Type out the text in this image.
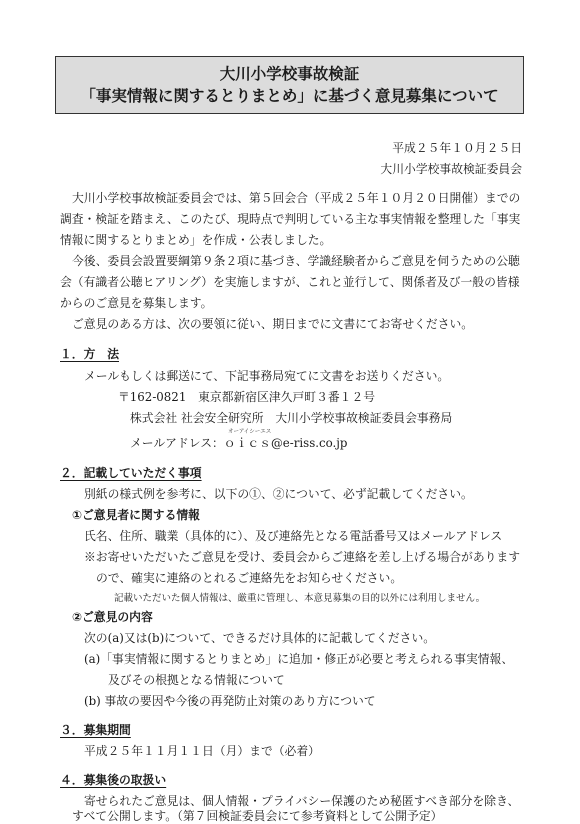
大川小学校事故検証
「事実情報に関するとりまとめ」に基づく意見募集について
平成２５年１０月２５日
大川小学校事故検証委員会
大川小学校事故検証委員会では、第５回会合（平成２５年１０月２０日開催）までの
調査・検証を踏まえ、このたび、現時点で判明している主な事実情報を整理した「事実
情報に関するとりまとめ」を作成・公表しました。
今後、委員会設置要綱第９条２項に基づき、学識経験者からご意見を伺うための公聴
会（有識者公聴ヒアリング）を実施しますが、これと並行して、関係者及び一般の皆様
からのご意見を募集します。
ご意見のある方は、次の要領に従い、期日までに文書にてお寄せください。
１．方　法
メールもしくは郵送にて、下記事務局宛てに文書をお送りください。
〒162-0821　東京都新宿区津久戸町３番１２号
株式会社 社会安全研究所　大川小学校事故検証委員会事務局
オーアイシーエス
メールアドレス：ｏｉｃｓ@e-riss.co.jp
２．記載していただく事項
別紙の様式例を参考に、以下の①、②について、必ず記載してください。
①ご意見者に関する情報
氏名、住所、職業（具体的に）、及び連絡先となる電話番号又はメールアドレス
※お寄せいただいたご意見を受け、委員会からご連絡を差し上げる場合があります
ので、確実に連絡のとれるご連絡先をお知らせください。
記載いただいた個人情報は、厳重に管理し、本意見募集の目的以外には利用しません。
②ご意見の内容
次の(a)又は(b)について、できるだけ具体的に記載してください。
(a)「事実情報に関するとりまとめ」に追加・修正が必要と考えられる事実情報、
及びその根拠となる情報について
(b) 事故の要因や今後の再発防止対策のあり方について
３．募集期間
平成２５年１１月１１日（月）まで（必着）
４．募集後の取扱い
寄せられたご意見は、個人情報・プライバシー保護のため秘匿すべき部分を除き、
すべて公開します。（第７回検証委員会にて参考資料として公開予定）
